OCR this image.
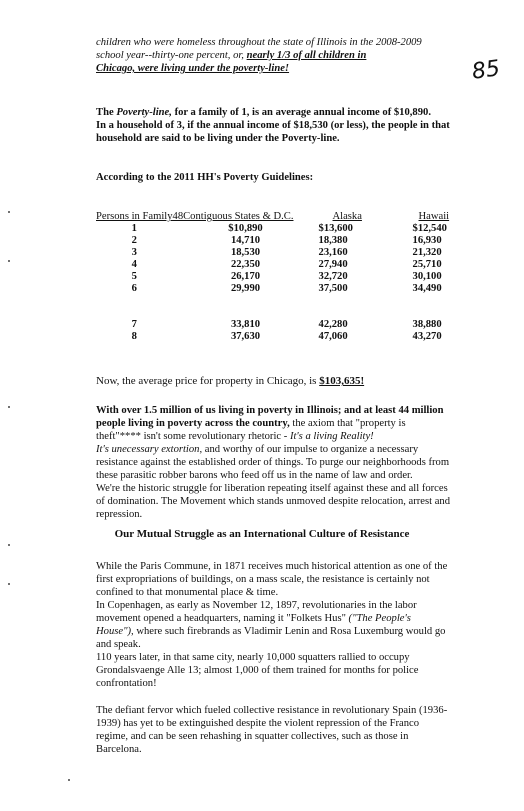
85
children who were homeless throughout the state of Illinois in the 2008-2009
school year--thirty-one percent, or, nearly 1/3 of all children in
Chicago, were living under the poverty-line!
The Poverty-line, for a family of 1, is an average annual income of $10,890.
In a household of 3, if the annual income of $18,530 (or less), the people in that
household are said to be living under the Poverty-line.
According to the 2011 HH's Poverty Guidelines:
Persons in Family	48Contiguous States & D.C.	Alaska	Hawaii
1	$10,890	$13,600	$12,540
2	14,710	18,380	16,930
3	18,530	23,160	21,320
4	22,350	27,940	25,710
5	26,170	32,720	30,100
6	29,990	37,500	34,490

7	33,810	42,280	38,880
8	37,630	47,060	43,270
Now, the average price for property in Chicago, is $103,635!
With over 1.5 million of us living in poverty in Illinois; and at least 44 million
people living in poverty across the country, the axiom that "property is
theft"**** isn't some revolutionary rhetoric - It's a living Reality!
It's unecessary extortion, and worthy of our impulse to organize a necessary
resistance against the established order of things. To purge our neighborhoods from
these parasitic robber barons who feed off us in the name of law and order.
We're the historic struggle for liberation repeating itself against these and all forces
of domination. The Movement which stands unmoved despite relocation, arrest and
repression.
Our Mutual Struggle as an International Culture of Resistance
While the Paris Commune, in 1871 receives much historical attention as one of the
first expropriations of buildings, on a mass scale, the resistance is certainly not
confined to that monumental place & time.
In Copenhagen, as early as November 12, 1897, revolutionaries in the labor
movement opened a headquarters, naming it "Folkets Hus" ("The People's
House"), where such firebrands as Vladimir Lenin and Rosa Luxemburg would go
and speak.
110 years later, in that same city, nearly 10,000 squatters rallied to occupy
Grondalsvaenge Alle 13; almost 1,000 of them trained for months for police
confrontation!
The defiant fervor which fueled collective resistance in revolutionary Spain (1936-
1939) has yet to be extinguished despite the violent repression of the Franco
regime, and can be seen rehashing in squatter collectives, such as those in
Barcelona.
